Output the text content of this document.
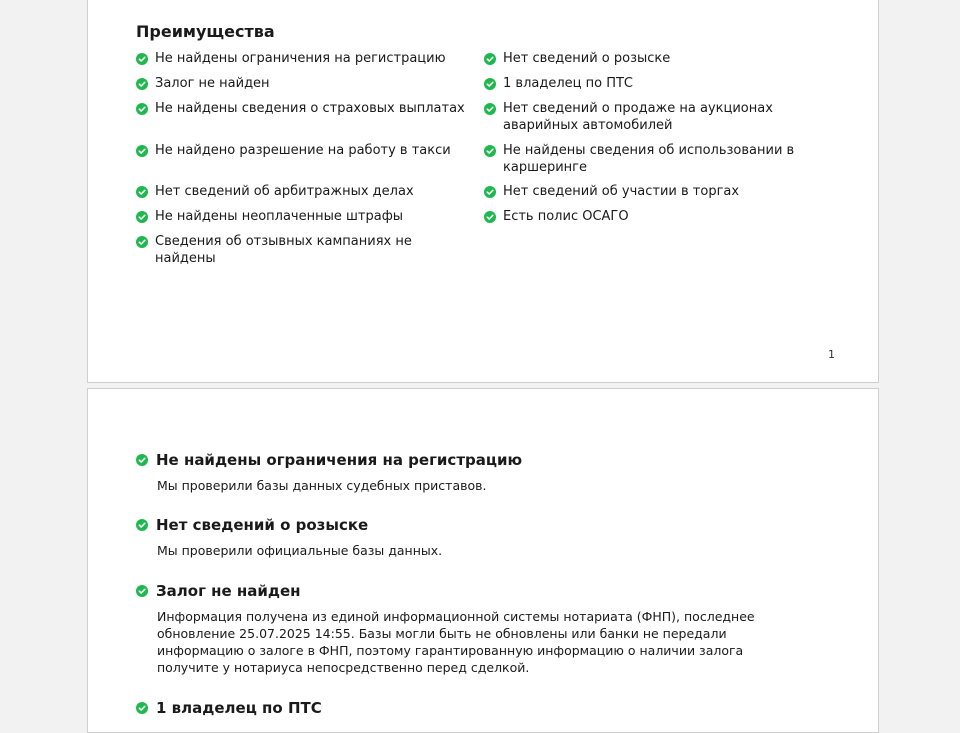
Преимущества
Не найдены ограничения на регистрацию
Залог не найден
Не найдены сведения о страховых выплатах
Не найдено разрешение на работу в такси
Нет сведений об арбитражных делах
Не найдены неоплаченные штрафы
Сведения об отзывных кампаниях не найдены
Нет сведений о розыске
1 владелец по ПТС
Нет сведений о продаже на аукционах аварийных автомобилей
Не найдены сведения об использовании в каршеринге
Нет сведений об участии в торгах
Есть полис ОСАГО
1
Не найдены ограничения на регистрацию
Мы проверили базы данных судебных приставов.
Нет сведений о розыске
Мы проверили официальные базы данных.
Залог не найден
Информация получена из единой информационной системы нотариата (ФНП), последнее обновление 25.07.2025 14:55. Базы могли быть не обновлены или банки не передали информацию о залоге в ФНП, поэтому гарантированную информацию о наличии залога получите у нотариуса непосредственно перед сделкой.
1 владелец по ПТС
